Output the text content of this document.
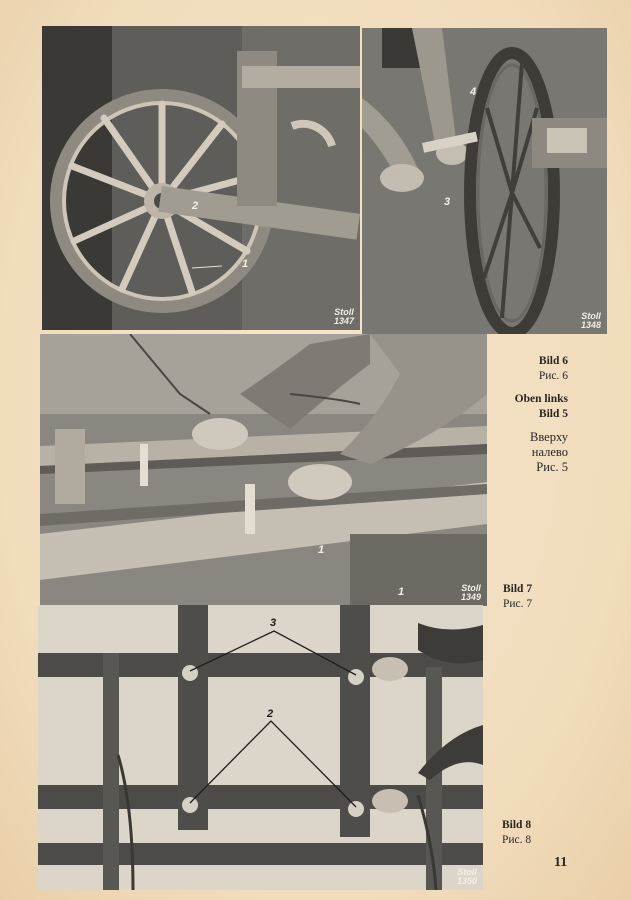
1
2
Stoll
1347
4
3
Stoll
1348
1
1	Stoll
1349
3
2
Stoll
1350
Bild 6
Рис. 6
Oben links
Bild 5
Вверху
налево
Рис. 5
Bild 7
Рис. 7
Bild 8
Рис. 8
11
